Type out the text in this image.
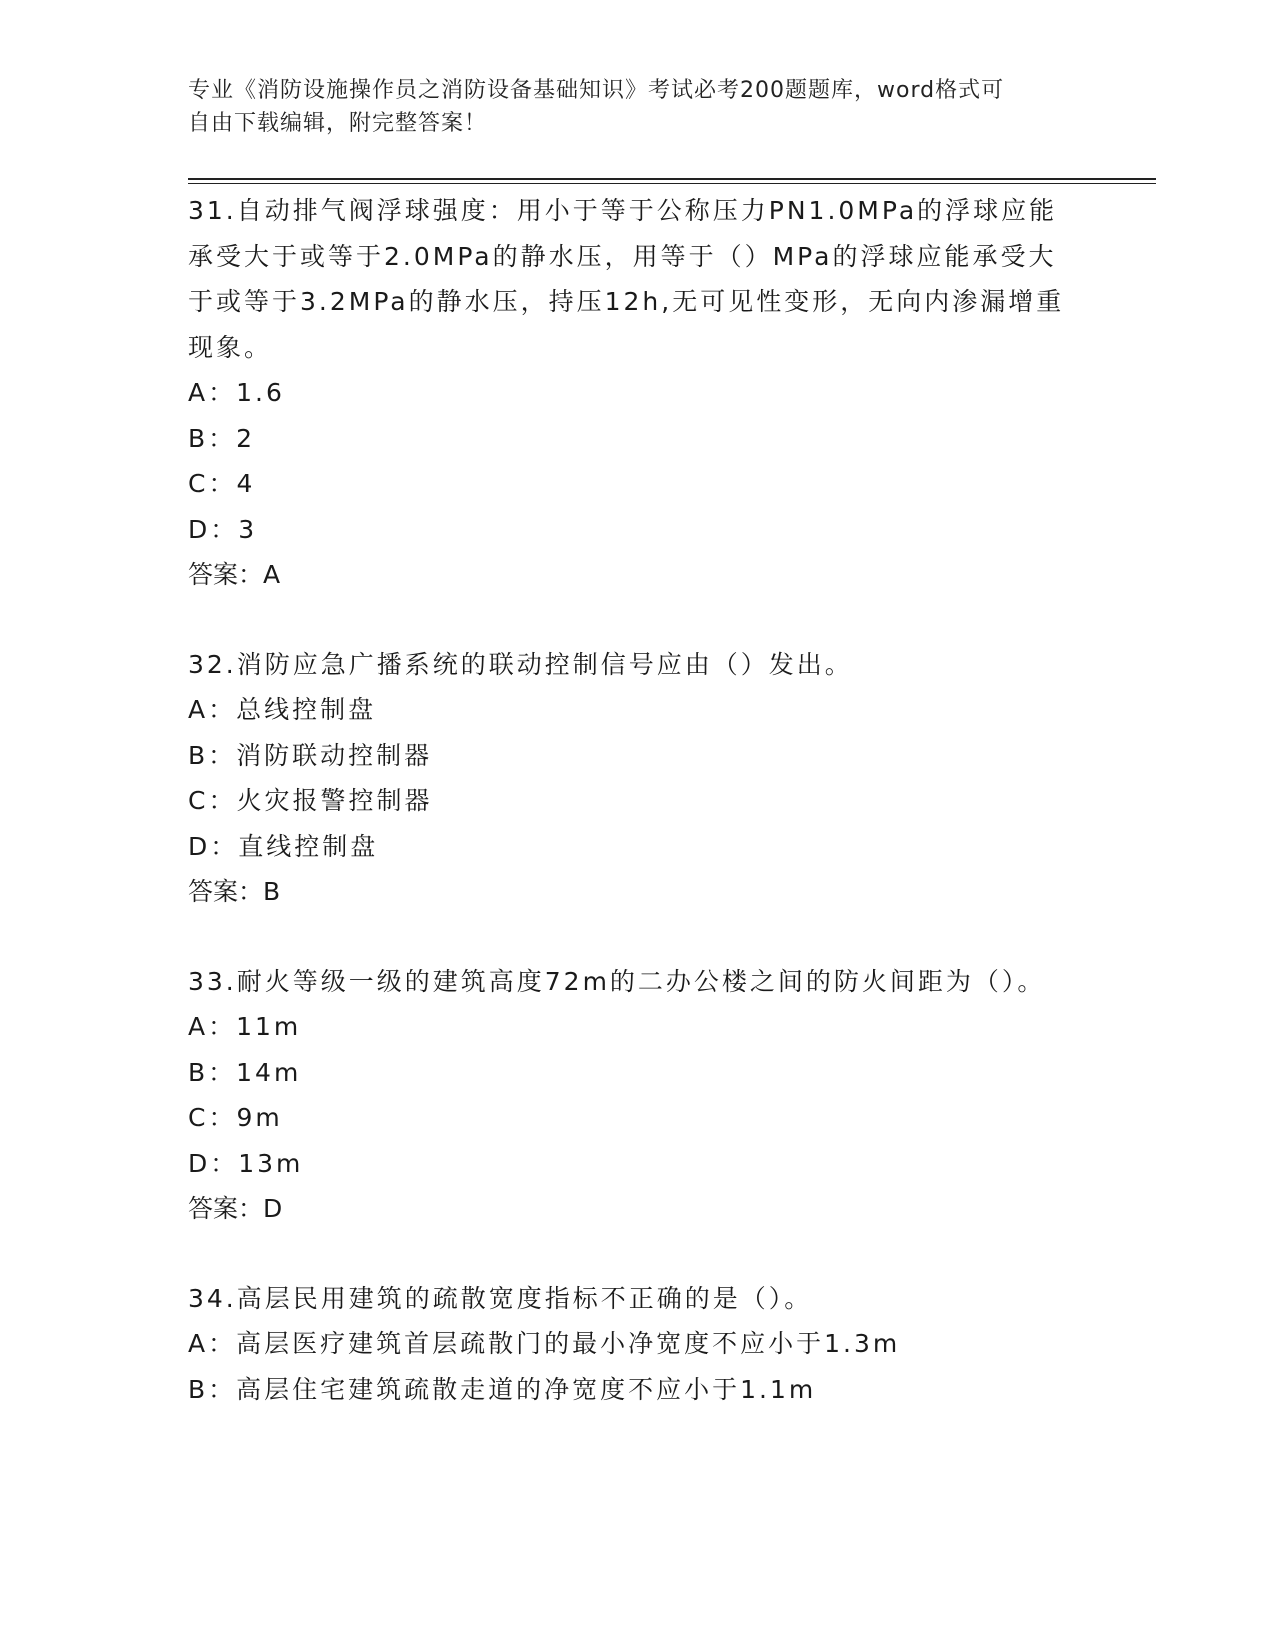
专业《消防设施操作员之消防设备基础知识》考试必考200题题库，word格式可
自由下载编辑，附完整答案！

31.自动排气阀浮球强度：用小于等于公称压力PN1.0MPa的浮球应能

承受大于或等于2.0MPa的静水压，用等于（）MPa的浮球应能承受大

于或等于3.2MPa的静水压，持压12h,无可见性变形，无向内渗漏增重

现象。

A：1.6

B：2

C：4

D：3

答案：A

32.消防应急广播系统的联动控制信号应由（）发出。

A：总线控制盘

B：消防联动控制器

C：火灾报警控制器

D：直线控制盘

答案：B

33.耐火等级一级的建筑高度72m的二办公楼之间的防火间距为（）。

A：11m

B：14m

C：9m

D：13m

答案：D

34.高层民用建筑的疏散宽度指标不正确的是（）。

A：高层医疗建筑首层疏散门的最小净宽度不应小于1.3m

B：高层住宅建筑疏散走道的净宽度不应小于1.1m
